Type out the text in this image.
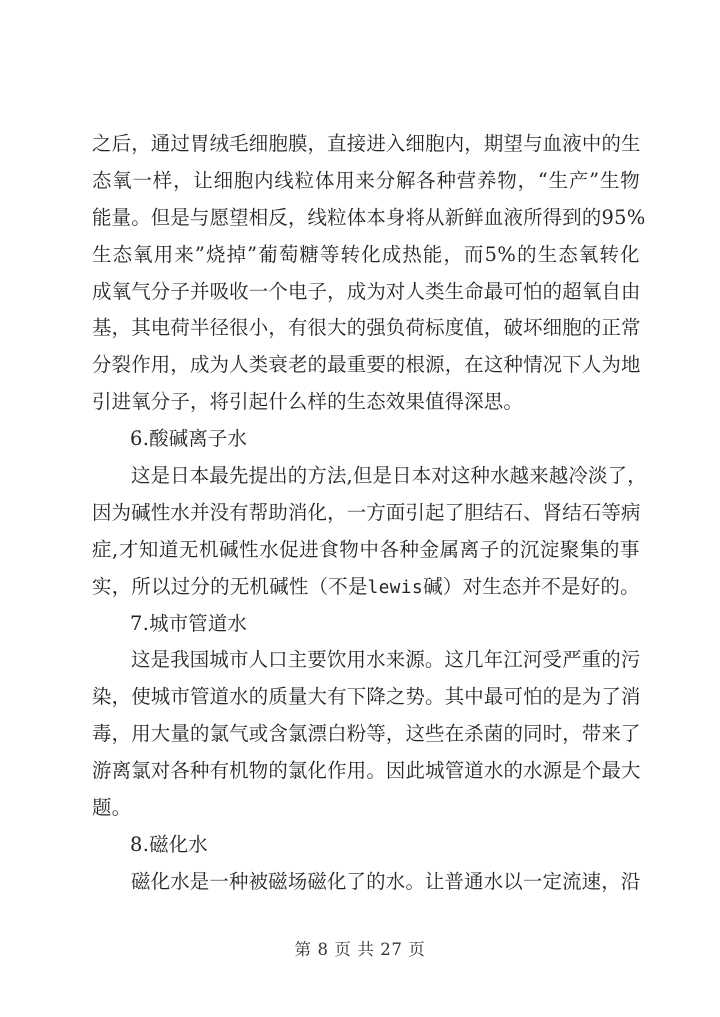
之 后 ， 通 过 胃 绒 毛 细 胞 膜 ， 直 接 进 入 细 胞 内 ， 期 望 与 血 液 中 的 生
态 氧 一 样 ， 让 细 胞 内 线 粒 体 用 来 分 解 各 种 营 养 物 ， “ 生 产 ” 生 物
能 量 。 但 是 与 愿 望 相 反 ， 线 粒 体 本 身 将 从 新 鲜 血 液 所 得 到 的 95%
生 态 氧 用 来 ” 烧 掉 ” 葡 萄 糖 等 转 化 成 热 能 ， 而 5% 的 生 态 氧 转 化
成 氧 气 分 子 并 吸 收 一 个 电 子 ， 成 为 对 人 类 生 命 最 可 怕 的 超 氧 自 由
基 ， 其 电 荷 半 径 很 小 ， 有 很 大 的 强 负 荷 标 度 值 ， 破 坏 细 胞 的 正 常
分 裂 作 用 ， 成 为 人 类 衰 老 的 最 重 要 的 根 源 ， 在 这 种 情 况 下 人 为 地
引进氧分子，将引起什么样的生态效果值得深思。
6.酸碱离子水
这 是 日 本 最 先 提 出 的 方 法 , 但 是 日 本 对 这 种 水 越 来 越 冷 淡 了 ，
因 为 碱 性 水 并 没 有 帮 助 消 化 ， 一 方 面 引 起 了 胆 结 石 、 肾 结 石 等 病
症 , 才 知 道 无 机 碱 性 水 促 进 食 物 中 各 种 金 属 离 子 的 沉 淀 聚 集 的 事
实 ， 所 以 过 分 的 无 机 碱 性 （ 不 是 lewis 碱 ） 对 生 态 并 不 是 好 的 。
7.城市管道水
这 是 我 国 城 市 人 口 主 要 饮 用 水 来 源 。 这 几 年 江 河 受 严 重 的 污
染 ， 使 城 市 管 道 水 的 质 量 大 有 下 降 之 势 。 其 中 最 可 怕 的 是 为 了 消
毒 ， 用 大 量 的 氯 气 或 含 氯 漂 白 粉 等 ， 这 些 在 杀 菌 的 同 时 ， 带 来 了
游 离 氯 对 各 种 有 机 物 的 氯 化 作 用 。 因 此 城 管 道 水 的 水 源 是 个 最 大
题。
8.磁化水
磁 化 水 是 一 种 被 磁 场 磁 化 了 的 水 。 让 普 通 水 以 一 定 流 速 ， 沿
第 8 页 共 27 页
